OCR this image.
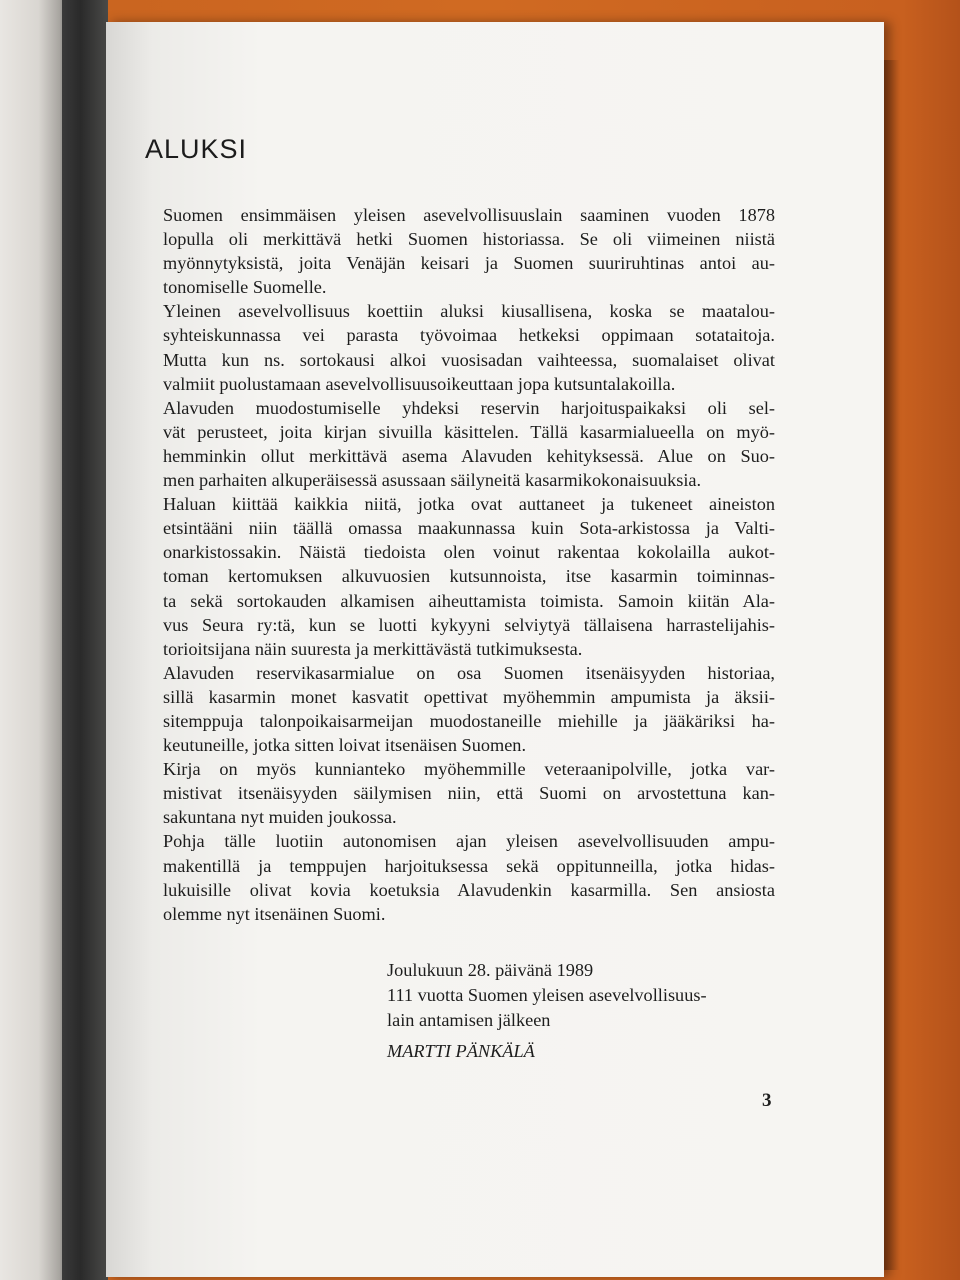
ALUKSI

Suomen ensimmäisen yleisen asevelvollisuuslain saaminen vuoden 1878
lopulla oli merkittävä hetki Suomen historiassa. Se oli viimeinen niistä
myönnytyksistä, joita Venäjän keisari ja Suomen suuriruhtinas antoi au-
tonomiselle Suomelle.

Yleinen asevelvollisuus koettiin aluksi kiusallisena, koska se maatalou-
syhteiskunnassa vei parasta työvoimaa hetkeksi oppimaan sotataitoja.
Mutta kun ns. sortokausi alkoi vuosisadan vaihteessa, suomalaiset olivat
valmiit puolustamaan asevelvollisuusoikeuttaan jopa kutsuntalakoilla.

Alavuden muodostumiselle yhdeksi reservin harjoituspaikaksi oli sel-
vät perusteet, joita kirjan sivuilla käsittelen. Tällä kasarmialueella on myö-
hemminkin ollut merkittävä asema Alavuden kehityksessä. Alue on Suo-
men parhaiten alkuperäisessä asussaan säilyneitä kasarmikokonaisuuksia.

Haluan kiittää kaikkia niitä, jotka ovat auttaneet ja tukeneet aineiston
etsintääni niin täällä omassa maakunnassa kuin Sota-arkistossa ja Valti-
onarkistossakin. Näistä tiedoista olen voinut rakentaa kokolailla aukot-
toman kertomuksen alkuvuosien kutsunnoista, itse kasarmin toiminnas-
ta sekä sortokauden alkamisen aiheuttamista toimista. Samoin kiitän Ala-
vus Seura ry:tä, kun se luotti kykyyni selviytyä tällaisena harrastelijahis-
torioitsijana näin suuresta ja merkittävästä tutkimuksesta.

Alavuden reservikasarmialue on osa Suomen itsenäisyyden historiaa,
sillä kasarmin monet kasvatit opettivat myöhemmin ampumista ja äksii-
sitemppuja talonpoikaisarmeijan muodostaneille miehille ja jääkäriksi ha-
keutuneille, jotka sitten loivat itsenäisen Suomen.

Kirja on myös kunnianteko myöhemmille veteraanipolville, jotka var-
mistivat itsenäisyyden säilymisen niin, että Suomi on arvostettuna kan-
sakuntana nyt muiden joukossa.

Pohja tälle luotiin autonomisen ajan yleisen asevelvollisuuden ampu-
makentillä ja temppujen harjoituksessa sekä oppitunneilla, jotka hidas-
lukuisille olivat kovia koetuksia Alavudenkin kasarmilla. Sen ansiosta
olemme nyt itsenäinen Suomi.

Joulukuun 28. päivänä 1989
111 vuotta Suomen yleisen asevelvollisuus-
lain antamisen jälkeen
MARTTI PÄNKÄLÄ
3
